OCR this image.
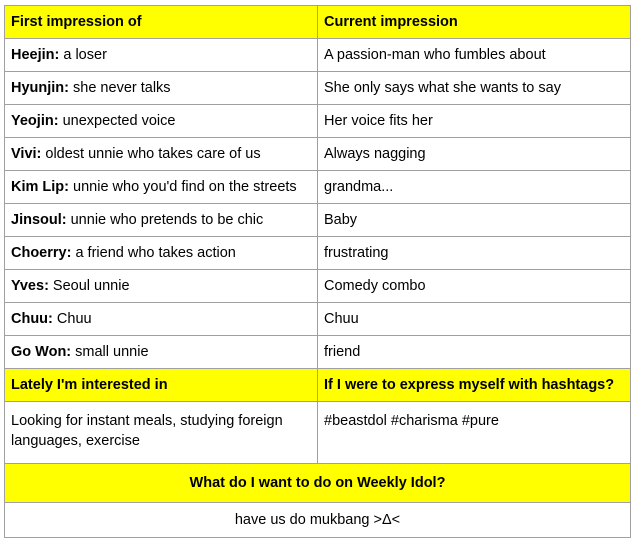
First impression of	Current impression
Heejin: a loser	A passion-man who fumbles about
Hyunjin: she never talks	She only says what she wants to say
Yeojin: unexpected voice	Her voice fits her
Vivi: oldest unnie who takes care of us	Always nagging
Kim Lip: unnie who you'd find on the streets	grandma...
Jinsoul: unnie who pretends to be chic	Baby
Choerry: a friend who takes action	frustrating
Yves: Seoul unnie	Comedy combo
Chuu: Chuu	Chuu
Go Won: small unnie	friend
Lately I'm interested in	If I were to express myself with hashtags?
Looking for instant meals, studying foreign languages, exercise	#beastdol #charisma #pure
What do I want to do on Weekly Idol?	
have us do mukbang >Δ<	
